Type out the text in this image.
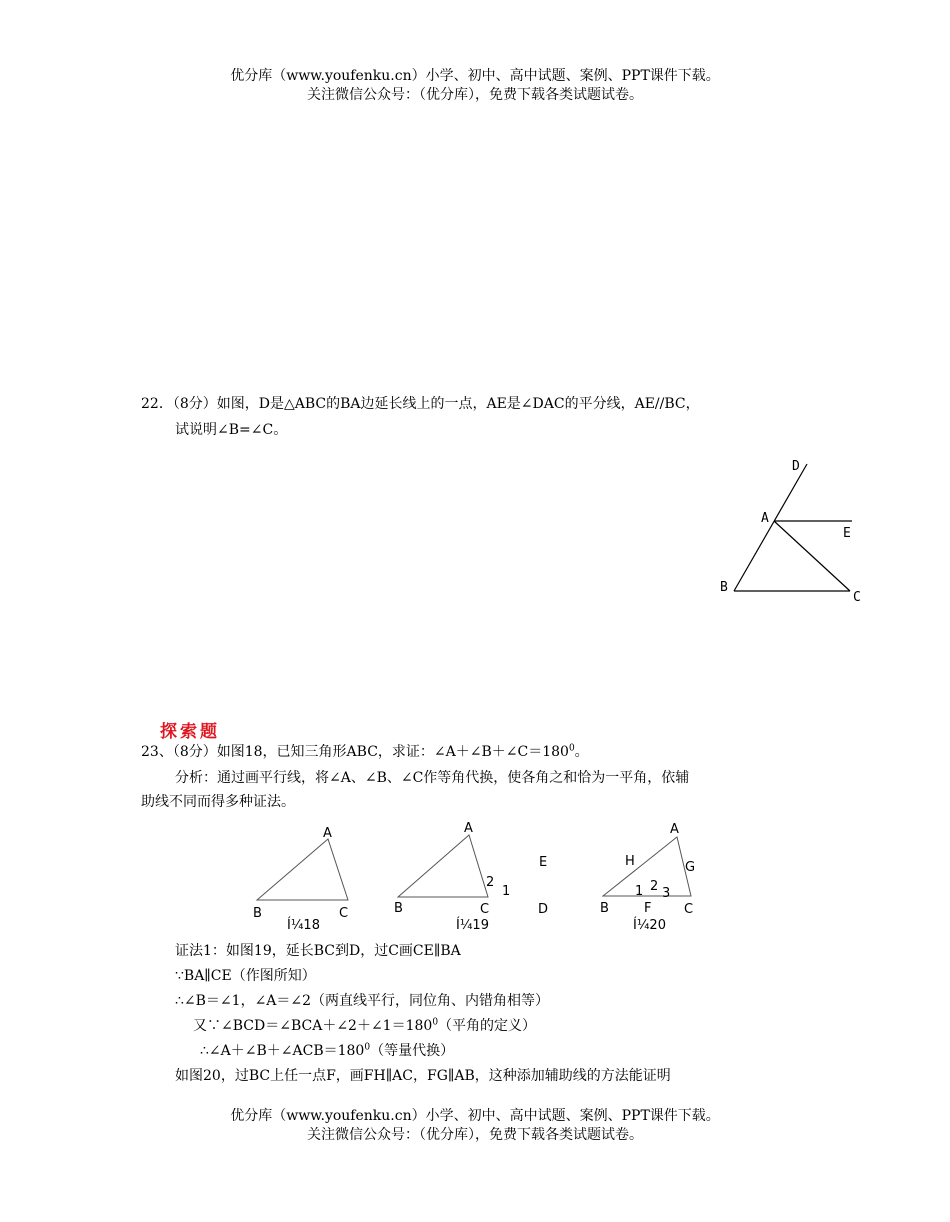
优分库（www.youfenku.cn）小学、初中、高中试题、案例、PPT课件下载。
关注微信公众号：（优分库），免费下载各类试题试卷。
22．（8分）如图，D是△ABC的BA边延长线上的一点，AE是∠DAC的平分线，AE//BC，
试说明∠B=∠C。
D
A
E
B
C
探索题
23、（8分）如图18，已知三角形ABC，求证：$\angle A+\angle B+\angle C=180^0$。
分析：通过画平行线，将∠A、∠B、∠C作等角代换，使各角之和恰为一平角，依辅
助线不同而得多种证法。
A
B	C
Í¼18
A
B	C	D
E
2
1
Í¼19
A
H	G
1 2 3
B	F	C
Í¼20
证法1：如图19，延长BC到D，过C画CE∥BA
∵BA∥CE（作图所知）
∴∠B＝∠1，∠A＝∠2（两直线平行，同位角、内错角相等）
又$\because\angle BCD=\angle BCA+\angle 2+\angle 1=180^0$（平角的定义）
$\therefore\angle A+\angle B+\angle ACB=180^0$（等量代换）
如图20，过BC上任一点F，画FH∥AC，FG∥AB，这种添加辅助线的方法能证明
优分库（www.youfenku.cn）小学、初中、高中试题、案例、PPT课件下载。
关注微信公众号：（优分库），免费下载各类试题试卷。
